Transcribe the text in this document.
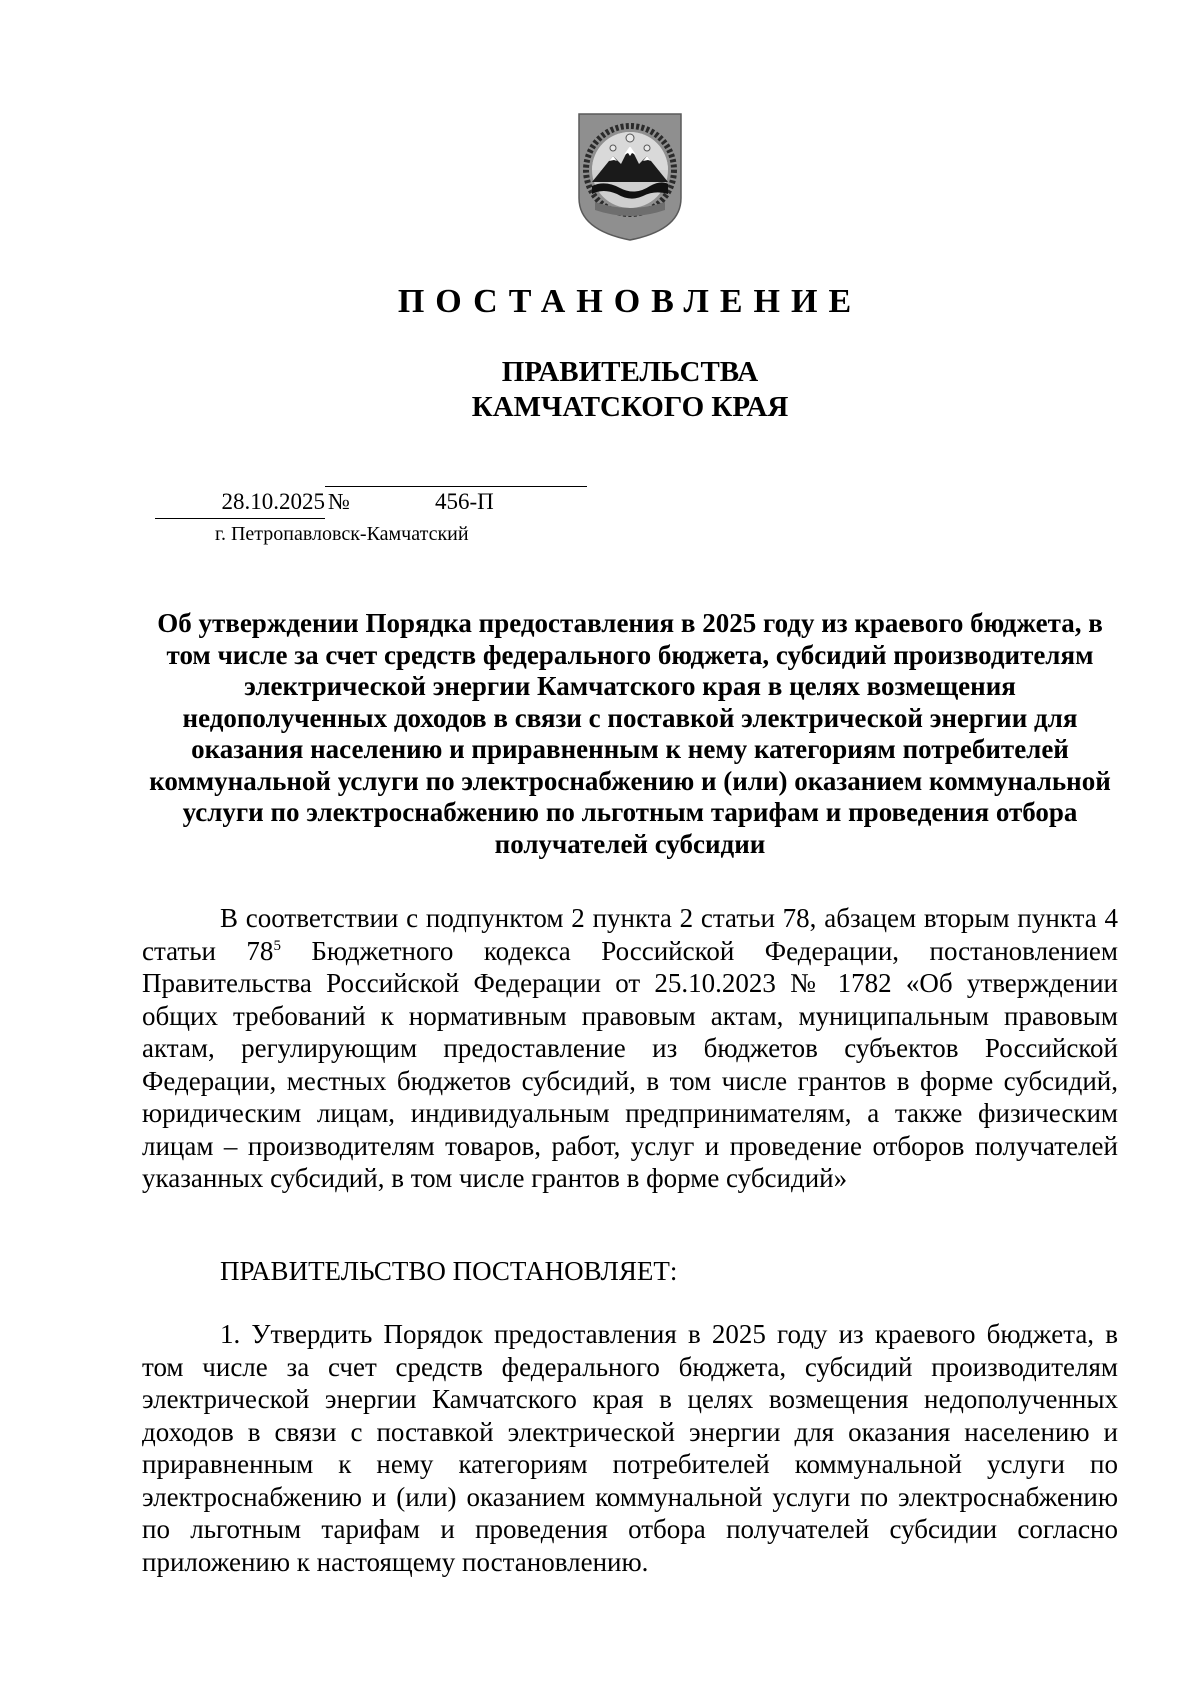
ПОСТАНОВЛЕНИЕ
ПРАВИТЕЛЬСТВА
КАМЧАТСКОГО КРАЯ
28.10.2025 №	456-П
г. Петропавловск-Камчатский
Об утверждении Порядка предоставления в 2025 году из краевого бюджета, в том числе за счет средств федерального бюджета, субсидий производителям электрической энергии Камчатского края в целях возмещения недополученных доходов в связи с поставкой электрической энергии для оказания населению и приравненным к нему категориям потребителей коммунальной услуги по электроснабжению и (или) оказанием коммунальной услуги по электроснабжению по льготным тарифам и проведения отбора получателей субсидии
В соответствии с подпунктом 2 пункта 2 статьи 78, абзацем вторым пункта 4 статьи $78^5$ Бюджетного кодекса Российской Федерации, постановлением Правительства Российской Федерации от 25.10.2023 № 1782 «Об утверждении общих требований к нормативным правовым актам, муниципальным правовым актам, регулирующим предоставление из бюджетов субъектов Российской Федерации, местных бюджетов субсидий, в том числе грантов в форме субсидий, юридическим лицам, индивидуальным предпринимателям, а также физическим лицам – производителям товаров, работ, услуг и проведение отборов получателей указанных субсидий, в том числе грантов в форме субсидий»
ПРАВИТЕЛЬСТВО ПОСТАНОВЛЯЕТ:
1. Утвердить Порядок предоставления в 2025 году из краевого бюджета, в том числе за счет средств федерального бюджета, субсидий производителям электрической энергии Камчатского края в целях возмещения недополученных доходов в связи с поставкой электрической энергии для оказания населению и приравненным к нему категориям потребителей коммунальной услуги по электроснабжению и (или) оказанием коммунальной услуги по электроснабжению по льготным тарифам и проведения отбора получателей субсидии согласно приложению к настоящему постановлению.
